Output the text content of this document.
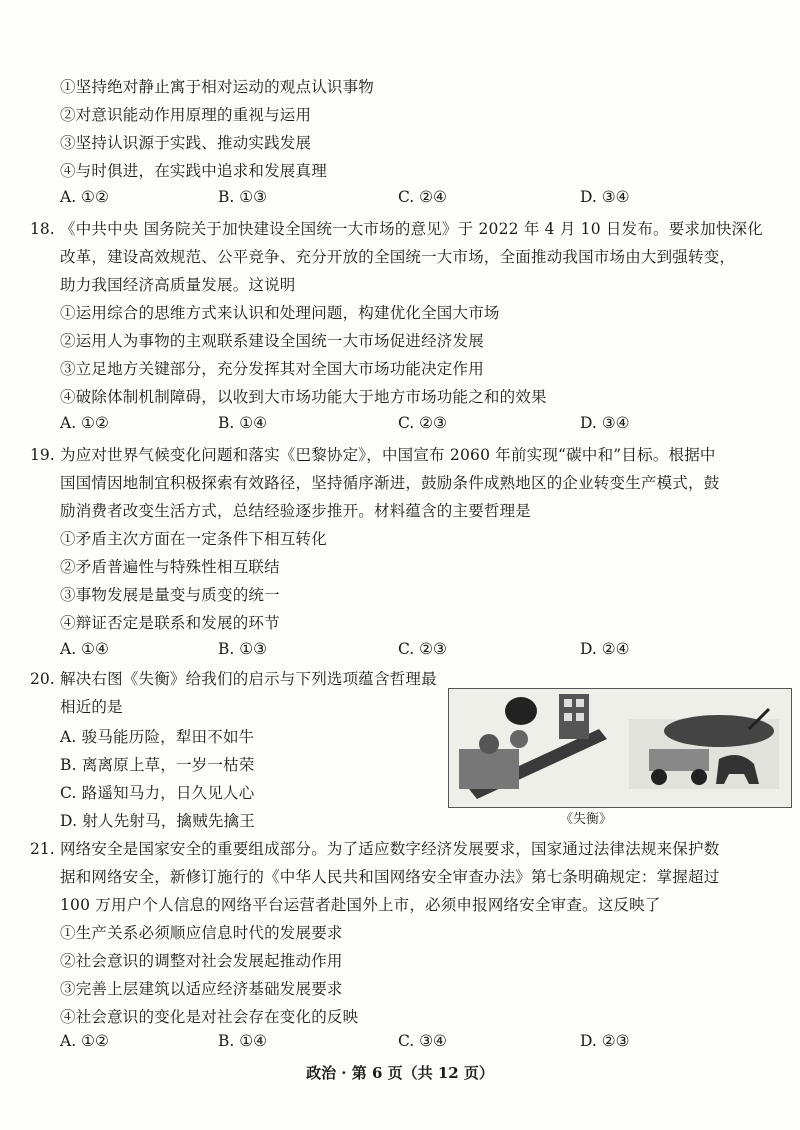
①坚持绝对静止寓于相对运动的观点认识事物
②对意识能动作用原理的重视与运用
③坚持认识源于实践、推动实践发展
④与时俱进，在实践中追求和发展真理
A. ①②	B. ①③	C. ②④	D. ③④
18. 《中共中央 国务院关于加快建设全国统一大市场的意见》于 2022 年 4 月 10 日发布。要求加快深化
改革，建设高效规范、公平竞争、充分开放的全国统一大市场，全面推动我国市场由大到强转变，
助力我国经济高质量发展。这说明
①运用综合的思维方式来认识和处理问题，构建优化全国大市场
②运用人为事物的主观联系建设全国统一大市场促进经济发展
③立足地方关键部分，充分发挥其对全国大市场功能决定作用
④破除体制机制障碍，以收到大市场功能大于地方市场功能之和的效果
A. ①②	B. ①④	C. ②③	D. ③④
19. 为应对世界气候变化问题和落实《巴黎协定》，中国宣布 2060 年前实现“碳中和”目标。根据中
国国情因地制宜积极探索有效路径，坚持循序渐进，鼓励条件成熟地区的企业转变生产模式，鼓
励消费者改变生活方式，总结经验逐步推开。材料蕴含的主要哲理是
①矛盾主次方面在一定条件下相互转化
②矛盾普遍性与特殊性相互联结
③事物发展是量变与质变的统一
④辩证否定是联系和发展的环节
A. ①④	B. ①③	C. ②③	D. ②④
20. 解决右图《失衡》给我们的启示与下列选项蕴含哲理最
相近的是
A. 骏马能历险，犁田不如牛
B. 离离原上草，一岁一枯荣
C. 路遥知马力，日久见人心
D. 射人先射马，擒贼先擒王	《失衡》
21. 网络安全是国家安全的重要组成部分。为了适应数字经济发展要求，国家通过法律法规来保护数
据和网络安全，新修订施行的《中华人民共和国网络安全审查办法》第七条明确规定：掌握超过
100 万用户个人信息的网络平台运营者赴国外上市，必须申报网络安全审查。这反映了
①生产关系必须顺应信息时代的发展要求
②社会意识的调整对社会发展起推动作用
③完善上层建筑以适应经济基础发展要求
④社会意识的变化是对社会存在变化的反映
A. ①②	B. ①④	C. ③④	D. ②③
政治 · 第 6 页（共 12 页）
